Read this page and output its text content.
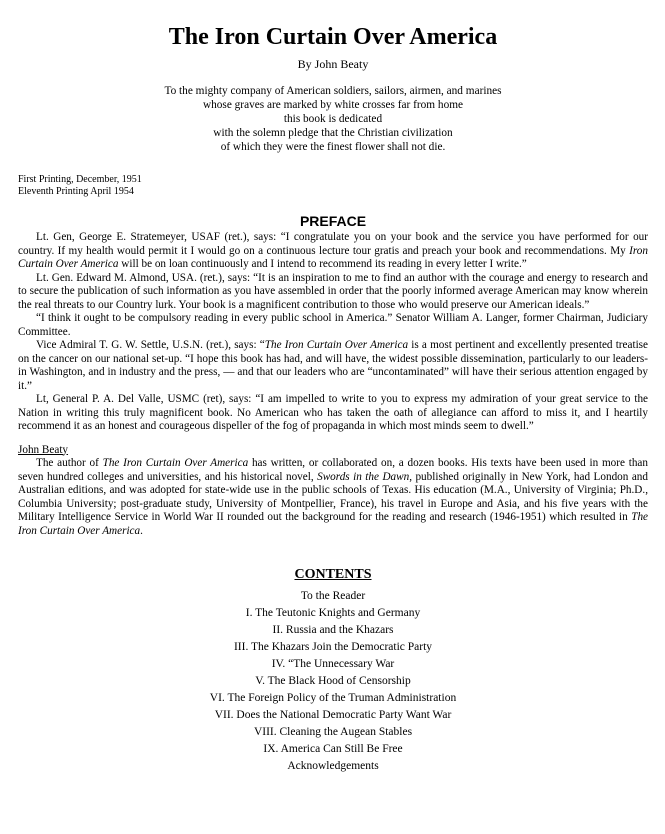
The Iron Curtain Over America
By John Beaty
To the mighty company of American soldiers, sailors, airmen, and marines
whose graves are marked by white crosses far from home
this book is dedicated
with the solemn pledge that the Christian civilization
of which they were the finest flower shall not die.
First Printing, December, 1951
Eleventh Printing April 1954
PREFACE

Lt. Gen, George E. Stratemeyer, USAF (ret.), says: “I congratulate you on your book and the service you have performed for our country. If my health would permit it I would go on a continuous lecture tour gratis and preach your book and recommendations. My Iron Curtain Over America will be on loan continuously and I intend to recommend its reading in every letter I write.”

Lt. Gen. Edward M. Almond, USA. (ret.), says: “It is an inspiration to me to find an author with the courage and energy to research and to secure the publication of such information as you have assembled in order that the poorly informed average American may know wherein the real threats to our Country lurk. Your book is a magnificent contribution to those who would preserve our American ideals.”

“I think it ought to be compulsory reading in every public school in America.” Senator William A. Langer, former Chairman, Judiciary Committee.

Vice Admiral T. G. W. Settle, U.S.N. (ret.), says: “The Iron Curtain Over America is a most pertinent and excellently presented treatise on the cancer on our national set-up. “I hope this book has had, and will have, the widest possible dissemination, particularly to our leaders-in Washington, and in industry and the press, — and that our leaders who are “uncontaminated” will have their serious attention engaged by it.”

Lt, General P. A. Del Valle, USMC (ret), says: “I am impelled to write to you to express my admiration of your great service to the Nation in writing this truly magnificent book. No American who has taken the oath of allegiance can afford to miss it, and I heartily recommend it as an honest and courageous dispeller of the fog of propaganda in which most minds seem to dwell.”

John Beaty

The author of The Iron Curtain Over America has written, or collaborated on, a dozen books. His texts have been used in more than seven hundred colleges and universities, and his historical novel, Swords in the Dawn, published originally in New York, had London and Australian editions, and was adopted for state-wide use in the public schools of Texas. His education (M.A., University of Virginia; Ph.D., Columbia University; post-graduate study, University of Montpellier, France), his travel in Europe and Asia, and his five years with the Military Intelligence Service in World War II rounded out the background for the reading and research (1946-1951) which resulted in The Iron Curtain Over America.

CONTENTS
To the Reader
I. The Teutonic Knights and Germany
II. Russia and the Khazars
III. The Khazars Join the Democratic Party
IV. “The Unnecessary War
V. The Black Hood of Censorship
VI. The Foreign Policy of the Truman Administration
VII. Does the National Democratic Party Want War
VIII. Cleaning the Augean Stables
IX. America Can Still Be Free
Acknowledgements
